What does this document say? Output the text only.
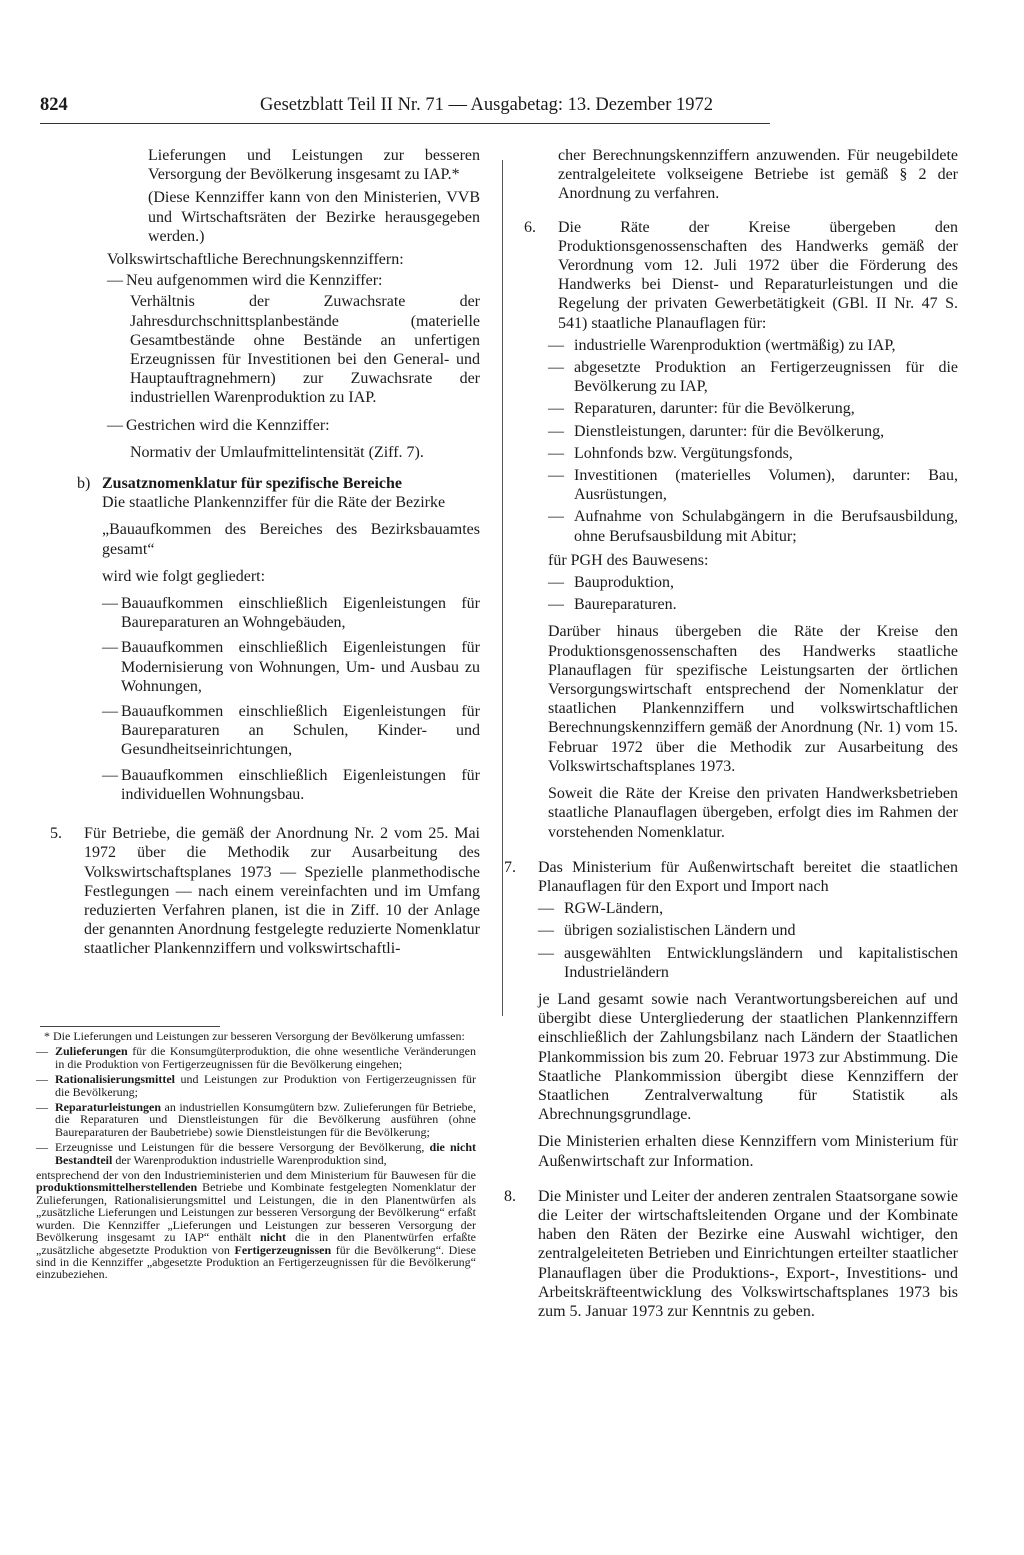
824	Gesetzblatt Teil II Nr. 71 — Ausgabetag: 13. Dezember 1972

Lieferungen und Leistungen zur besseren Versorgung der Bevölkerung insgesamt zu IAP.*

(Diese Kennziffer kann von den Ministerien, VVB und Wirtschaftsräten der Bezirke herausgegeben werden.)

Volkswirtschaftliche Berechnungskennziffern:

— Neu aufgenommen wird die Kennziffer:

Verhältnis der Zuwachsrate der Jahresdurchschnittsplanbestände (materielle Gesamtbestände ohne Bestände an unfertigen Erzeugnissen für Investitionen bei den General- und Hauptauftragnehmern) zur Zuwachsrate der industriellen Warenproduktion zu IAP.

— Gestrichen wird die Kennziffer:

Normativ der Umlaufmittelintensität (Ziff. 7).

b) Zusatznomenklatur für spezifische Bereiche

Die staatliche Plankennziffer für die Räte der Bezirke

„Bauaufkommen des Bereiches des Bezirksbauamtes gesamt“

wird wie folgt gegliedert:

— Bauaufkommen einschließlich Eigenleistungen für Baureparaturen an Wohngebäuden,
— Bauaufkommen einschließlich Eigenleistungen für Modernisierung von Wohnungen, Um- und Ausbau zu Wohnungen,
— Bauaufkommen einschließlich Eigenleistungen für Baureparaturen an Schulen, Kinder- und Gesundheitseinrichtungen,
— Bauaufkommen einschließlich Eigenleistungen für individuellen Wohnungsbau.
5. Für Betriebe, die gemäß der Anordnung Nr. 2 vom 25. Mai 1972 über die Methodik zur Ausarbeitung des Volkswirtschaftsplanes 1973 — Spezielle planmethodische Festlegungen — nach einem vereinfachten und im Umfang reduzierten Verfahren planen, ist die in Ziff. 10 der Anlage der genannten Anordnung festgelegte reduzierte Nomenklatur staatlicher Plankennziffern und volkswirtschaftli-

* Die Lieferungen und Leistungen zur besseren Versorgung der Bevölkerung umfassen:

— Zulieferungen für die Konsumgüterproduktion, die ohne wesentliche Veränderungen in die Produktion von Fertigerzeugnissen für die Bevölkerung eingehen;
— Rationalisierungsmittel und Leistungen zur Produktion von Fertigerzeugnissen für die Bevölkerung;
— Reparaturleistungen an industriellen Konsumgütern bzw. Zulieferungen für Betriebe, die Reparaturen und Dienstleistungen für die Bevölkerung ausführen (ohne Baureparaturen der Baubetriebe) sowie Dienstleistungen für die Bevölkerung;
— Erzeugnisse und Leistungen für die bessere Versorgung der Bevölkerung, die nicht Bestandteil der Warenproduktion industrielle Warenproduktion sind,

entsprechend der von den Industrieministerien und dem Ministerium für Bauwesen für die produktionsmittelherstellenden Betriebe und Kombinate festgelegten Nomenklatur der Zulieferungen, Rationalisierungsmittel und Leistungen, die in den Planentwürfen als „zusätzliche Lieferungen und Leistungen zur besseren Versorgung der Bevölkerung“ erfaßt wurden. Die Kennziffer „Lieferungen und Leistungen zur besseren Versorgung der Bevölkerung insgesamt zu IAP“ enthält nicht die in den Planentwürfen erfaßte „zusätzliche abgesetzte Produktion von Fertigerzeugnissen für die Bevölkerung“. Diese sind in die Kennziffer „abgesetzte Produktion an Fertigerzeugnissen für die Bevölkerung“ einzubeziehen.

cher Berechnungskennziffern anzuwenden. Für neugebildete zentralgeleitete volkseigene Betriebe ist gemäß § 2 der Anordnung zu verfahren.

6. Die Räte der Kreise übergeben den Produktionsgenossenschaften des Handwerks gemäß der Verordnung vom 12. Juli 1972 über die Förderung des Handwerks bei Dienst- und Reparaturleistungen und die Regelung der privaten Gewerbetätigkeit (GBl. II Nr. 47 S. 541) staatliche Planauflagen für:
— industrielle Warenproduktion (wertmäßig) zu IAP,
— abgesetzte Produktion an Fertigerzeugnissen für die Bevölkerung zu IAP,
— Reparaturen, darunter: für die Bevölkerung,
— Dienstleistungen, darunter: für die Bevölkerung,
— Lohnfonds bzw. Vergütungsfonds,
— Investitionen (materielles Volumen), darunter: Bau, Ausrüstungen,
— Aufnahme von Schulabgängern in die Berufsausbildung, ohne Berufsausbildung mit Abitur;

für PGH des Bauwesens:

— Bauproduktion,
— Baureparaturen.

Darüber hinaus übergeben die Räte der Kreise den Produktionsgenossenschaften des Handwerks staatliche Planauflagen für spezifische Leistungsarten der örtlichen Versorgungswirtschaft entsprechend der Nomenklatur der staatlichen Plankennziffern und volkswirtschaftlichen Berechnungskennziffern gemäß der Anordnung (Nr. 1) vom 15. Februar 1972 über die Methodik zur Ausarbeitung des Volkswirtschaftsplanes 1973.

Soweit die Räte der Kreise den privaten Handwerksbetrieben staatliche Planauflagen übergeben, erfolgt dies im Rahmen der vorstehenden Nomenklatur.

7. Das Ministerium für Außenwirtschaft bereitet die staatlichen Planauflagen für den Export und Import nach
— RGW-Ländern,
— übrigen sozialistischen Ländern und
— ausgewählten Entwicklungsländern und kapitalistischen Industrieländern

je Land gesamt sowie nach Verantwortungsbereichen auf und übergibt diese Untergliederung der staatlichen Plankennziffern einschließlich der Zahlungsbilanz nach Ländern der Staatlichen Plankommission bis zum 20. Februar 1973 zur Abstimmung. Die Staatliche Plankommission übergibt diese Kennziffern der Staatlichen Zentralverwaltung für Statistik als Abrechnungsgrundlage.

Die Ministerien erhalten diese Kennziffern vom Ministerium für Außenwirtschaft zur Information.

8. Die Minister und Leiter der anderen zentralen Staatsorgane sowie die Leiter der wirtschaftsleitenden Organe und der Kombinate haben den Räten der Bezirke eine Auswahl wichtiger, den zentralgeleiteten Betrieben und Einrichtungen erteilter staatlicher Planauflagen über die Produktions-, Export-, Investitions- und Arbeitskräfteentwicklung des Volkswirtschaftsplanes 1973 bis zum 5. Januar 1973 zur Kenntnis zu geben.
